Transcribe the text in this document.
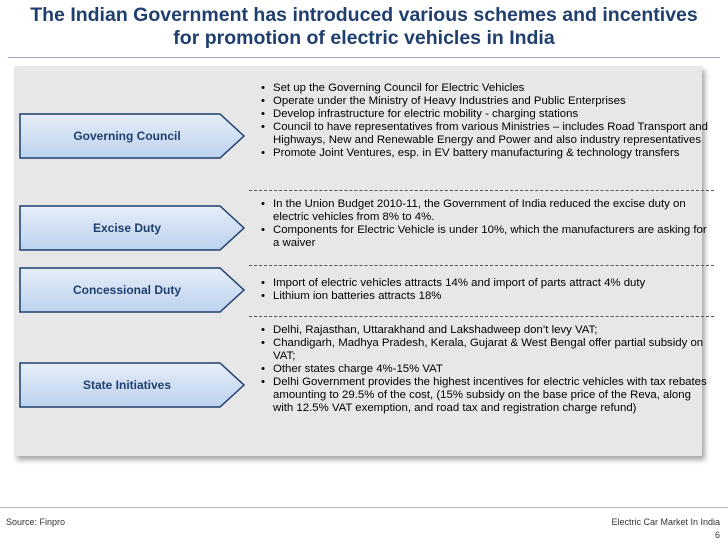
The Indian Government has introduced various schemes and incentives
for promotion of electric vehicles in India
Governing Council
• Set up the Governing Council for Electric Vehicles
• Operate under the Ministry of Heavy Industries and Public Enterprises
• Develop infrastructure for electric mobility - charging stations
• Council to have representatives from various Ministries – includes Road Transport and Highways, New and Renewable Energy and Power and also industry representatives
• Promote Joint Ventures, esp. in EV battery manufacturing & technology transfers
Excise Duty
• In the Union Budget 2010-11, the Government of India reduced the excise duty on electric vehicles from 8% to 4%.
• Components for Electric Vehicle is under 10%, which the manufacturers are asking for a waiver
Concessional Duty
•	Import of electric vehicles attracts 14% and import of parts attract 4% duty
• Lithium ion batteries attracts 18%
State Initiatives
• Delhi, Rajasthan, Uttarakhand and Lakshadweep don’t levy VAT;
• Chandigarh, Madhya Pradesh, Kerala, Gujarat & West Bengal offer partial subsidy on VAT;
• Other states charge 4%-15% VAT
• Delhi Government provides the highest incentives for electric vehicles with tax rebates amounting to 29.5% of the cost, (15% subsidy on the base price of the Reva, along with 12.5% VAT exemption, and road tax and registration charge refund)
Source: Finpro	Electric Car Market In India
6
